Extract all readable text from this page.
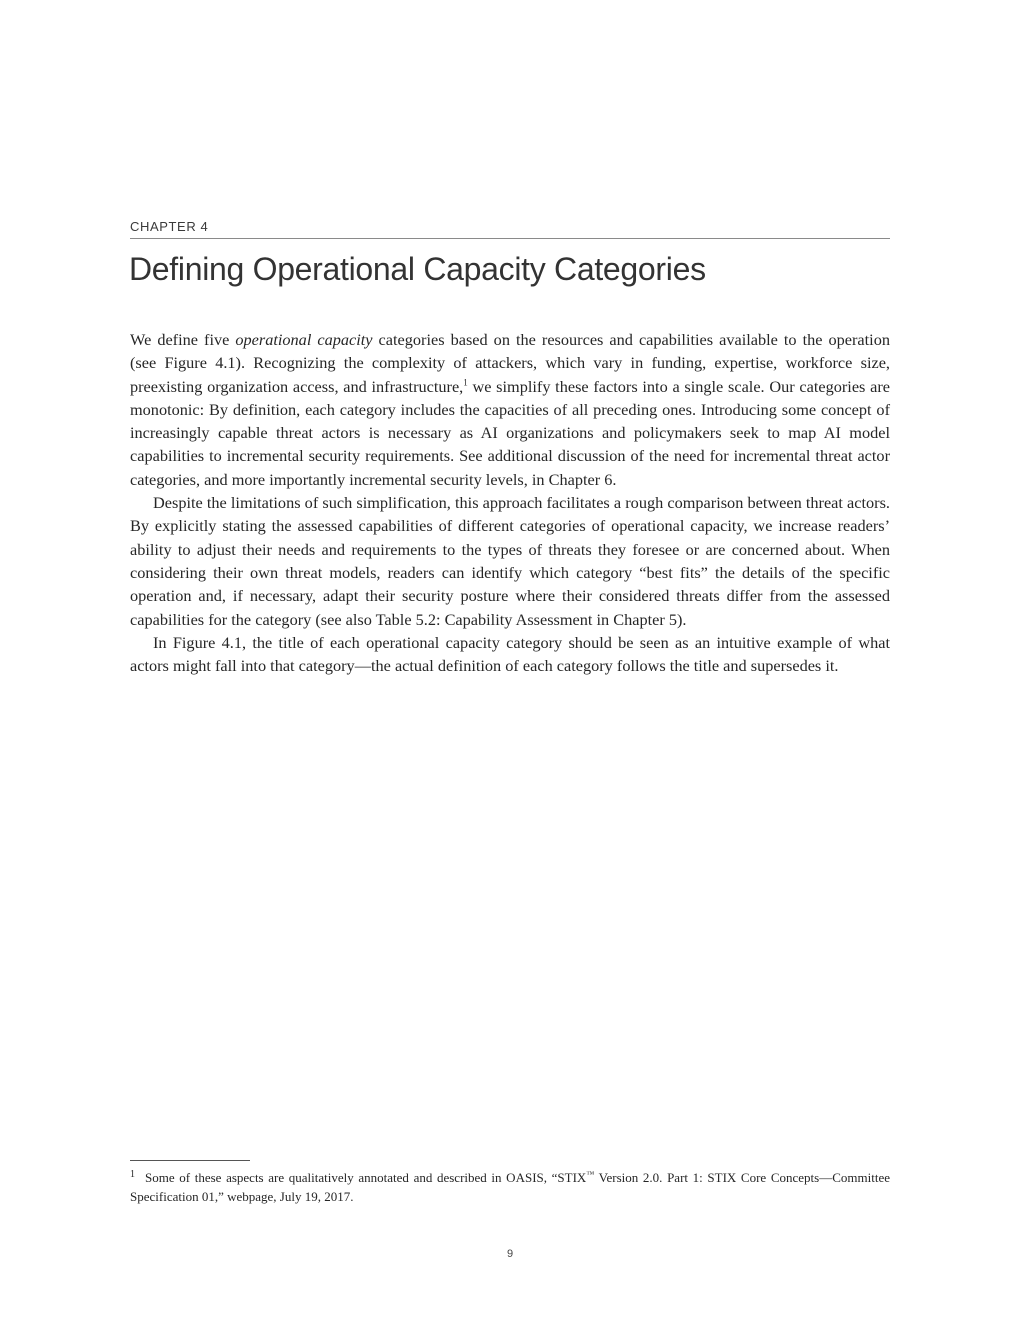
CHAPTER 4
Defining Operational Capacity Categories

We define five operational capacity categories based on the resources and capabilities available to the operation (see Figure 4.1). Recognizing the complexity of attackers, which vary in funding, expertise, workforce size, preexisting organization access, and infrastructure,$^1$ we simplify these factors into a single scale. Our categories are monotonic: By definition, each category includes the capacities of all preceding ones. Introducing some concept of increasingly capable threat actors is necessary as AI organizations and policymakers seek to map AI model capabilities to incremental security requirements. See additional discussion of the need for incremental threat actor categories, and more importantly incremental security levels, in Chapter 6.

Despite the limitations of such simplification, this approach facilitates a rough comparison between threat actors. By explicitly stating the assessed capabilities of different categories of operational capacity, we increase readers’ ability to adjust their needs and requirements to the types of threats they foresee or are concerned about. When considering their own threat models, readers can identify which category “best fits” the details of the specific operation and, if necessary, adapt their security posture where their considered threats differ from the assessed capabilities for the category (see also Table 5.2: Capability Assessment in Chapter 5).

In Figure 4.1, the title of each operational capacity category should be seen as an intuitive example of what actors might fall into that category—the actual definition of each category follows the title and supersedes it.

$^1$ Some of these aspects are qualitatively annotated and described in OASIS, “STIX™ Version 2.0. Part 1: STIX Core Concepts—Committee Specification 01,” webpage, July 19, 2017.
9
